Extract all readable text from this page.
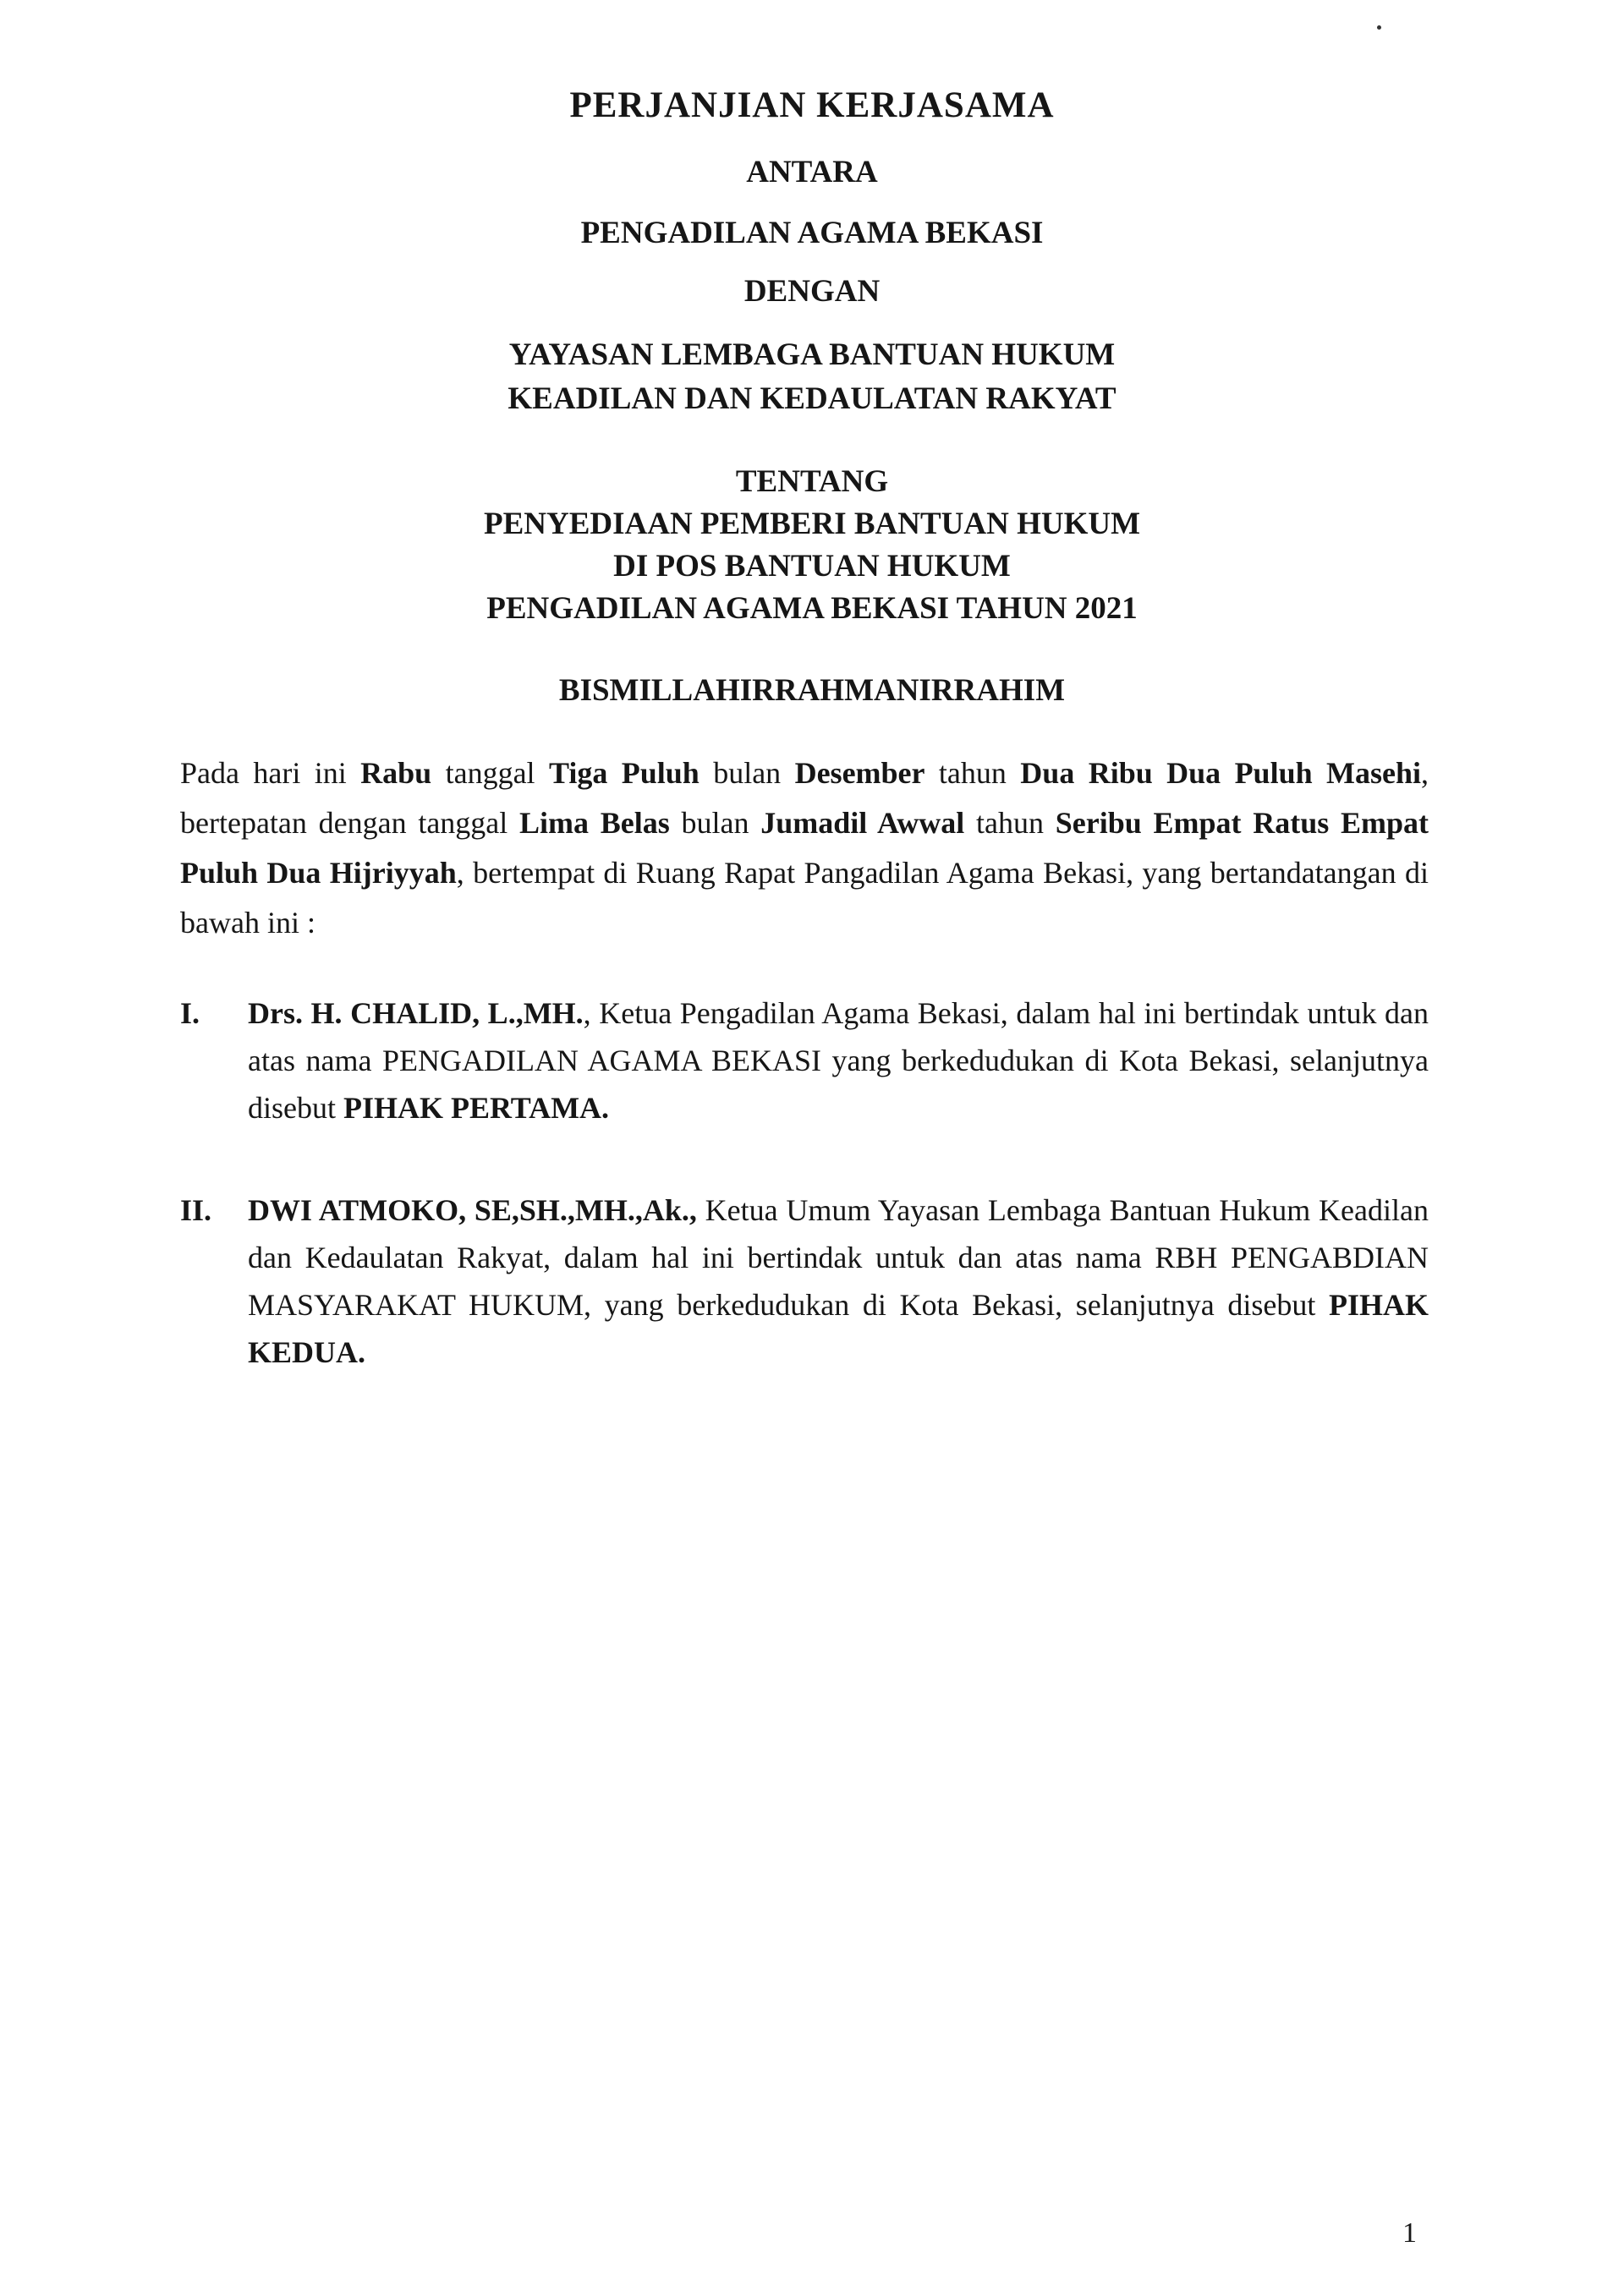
PERJANJIAN KERJASAMA
ANTARA
PENGADILAN AGAMA BEKASI
DENGAN
YAYASAN LEMBAGA BANTUAN HUKUM
KEADILAN DAN KEDAULATAN RAKYAT
TENTANG
PENYEDIAAN PEMBERI BANTUAN HUKUM
DI POS BANTUAN HUKUM
PENGADILAN AGAMA BEKASI TAHUN 2021
BISMILLAHIRRAHMANIRRAHIM
Pada hari ini Rabu tanggal Tiga Puluh bulan Desember tahun Dua Ribu Dua Puluh Masehi, bertepatan dengan tanggal Lima Belas bulan Jumadil Awwal tahun Seribu Empat Ratus Empat Puluh Dua Hijriyyah, bertempat di Ruang Rapat Pangadilan Agama Bekasi, yang bertandatangan di bawah ini :
I.	Drs. H. CHALID, L.,MH., Ketua Pengadilan Agama Bekasi, dalam hal ini bertindak untuk dan atas nama PENGADILAN AGAMA BEKASI yang berkedudukan di Kota Bekasi, selanjutnya disebut PIHAK PERTAMA.
II.	DWI ATMOKO, SE,SH.,MH.,Ak., Ketua Umum Yayasan Lembaga Bantuan Hukum Keadilan dan Kedaulatan Rakyat, dalam hal ini bertindak untuk dan atas nama RBH PENGABDIAN MASYARAKAT HUKUM, yang berkedudukan di Kota Bekasi, selanjutnya disebut PIHAK KEDUA.
1
